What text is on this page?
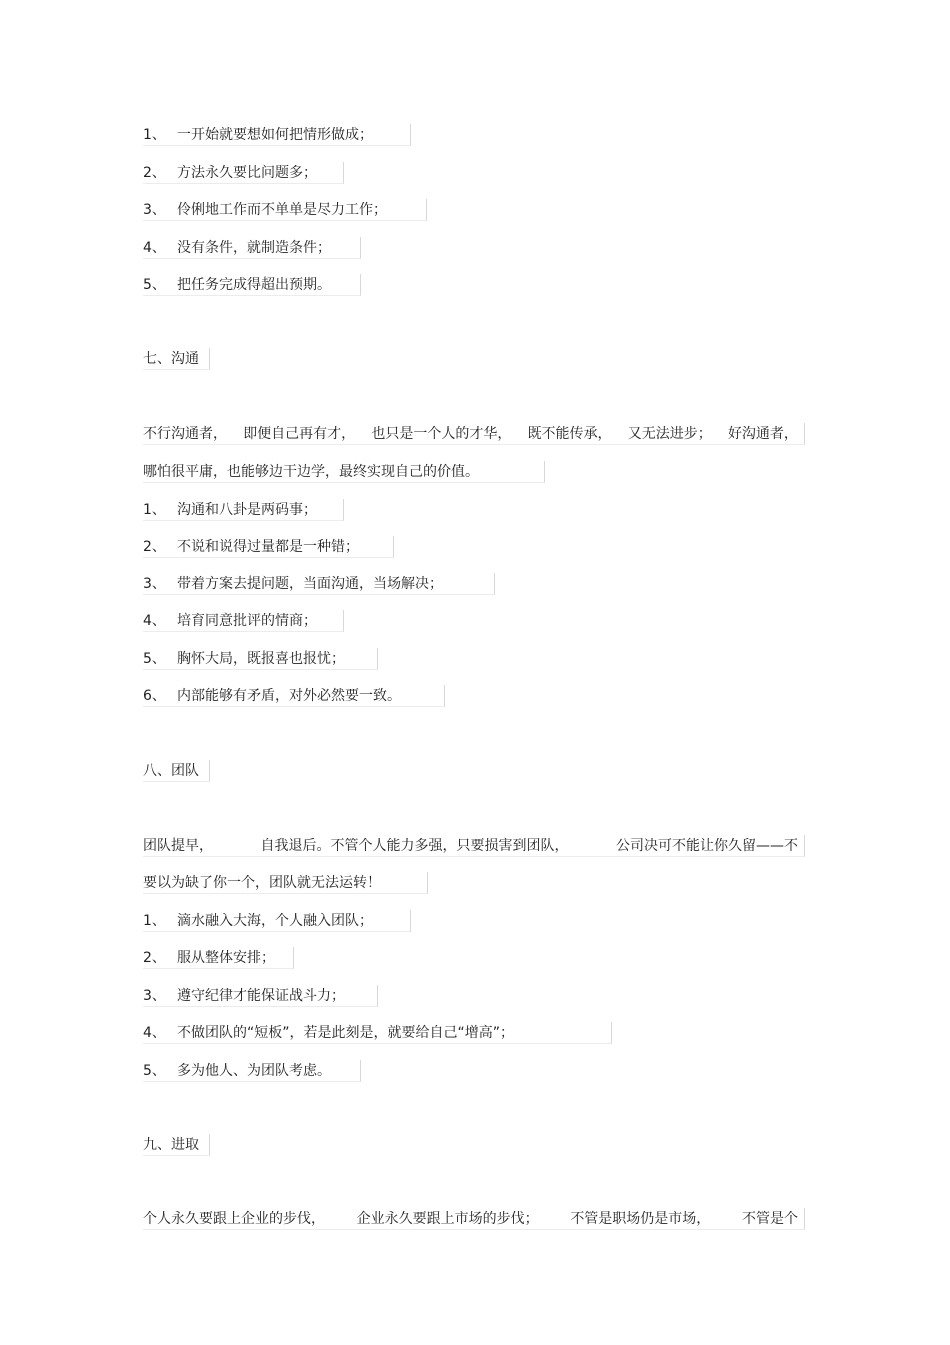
1、 一开始就要想如何把情形做成；
2、 方法永久要比问题多；
3、 伶俐地工作而不单单是尽力工作；
4、 没有条件，就制造条件；
5、 把任务完成得超出预期。
七、沟通
不行沟通者， 即便自己再有才， 也只是一个人的才华， 既不能传承， 又无法进步； 好沟通者，
哪怕很平庸，也能够边干边学，最终实现自己的价值。
1、 沟通和八卦是两码事；
2、 不说和说得过量都是一种错；
3、 带着方案去提问题，当面沟通，当场解决；
4、 培育同意批评的情商；
5、 胸怀大局，既报喜也报忧；
6、 内部能够有矛盾，对外必然要一致。
八、团队
团队提早，	自我退后。不管个人能力多强，只要损害到团队，	公司决可不能让你久留——不
要以为缺了你一个，团队就无法运转！
1、 滴水融入大海，个人融入团队；
2、 服从整体安排；
3、 遵守纪律才能保证战斗力；
4、 不做团队的“短板”，若是此刻是，就要给自己“增高”；
5、 多为他人、为团队考虑。
九、进取
个人永久要跟上企业的步伐， 企业永久要跟上市场的步伐； 不管是职场仍是市场， 不管是个
